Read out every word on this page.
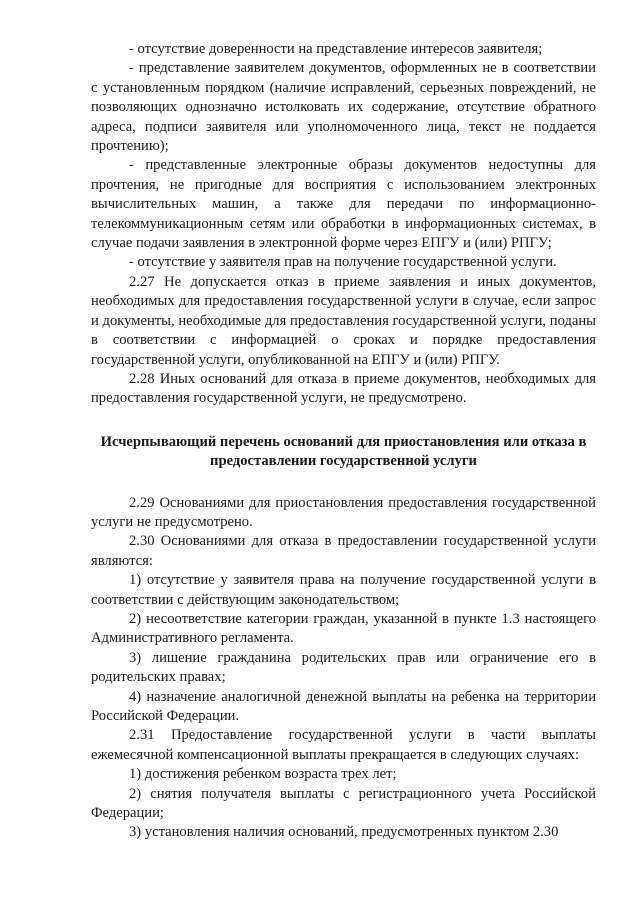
- отсутствие доверенности на представление интересов заявителя;

- представление заявителем документов, оформленных не в соответствии с установленным порядком (наличие исправлений, серьезных повреждений, не позволяющих однозначно истолковать их содержание, отсутствие обратного адреса, подписи заявителя или уполномоченного лица, текст не поддается прочтению);

- представленные электронные образы документов недоступны для прочтения, не пригодные для восприятия с использованием электронных вычислительных машин, а также для передачи по информационно-телекоммуникационным сетям или обработки в информационных системах, в случае подачи заявления в электронной форме через ЕПГУ и (или) РПГУ;

- отсутствие у заявителя прав на получение государственной услуги.

2.27 Не допускается отказ в приеме заявления и иных документов, необходимых для предоставления государственной услуги в случае, если запрос и документы, необходимые для предоставления государственной услуги, поданы в соответствии с информацией о сроках и порядке предоставления государственной услуги, опубликованной на ЕПГУ и (или) РПГУ.

2.28 Иных оснований для отказа в приеме документов, необходимых для предоставления государственной услуги, не предусмотрено.

Исчерпывающий перечень оснований для приостановления или отказа в предоставлении государственной услуги

2.29 Основаниями для приостановления предоставления государственной услуги не предусмотрено.

2.30 Основаниями для отказа в предоставлении государственной услуги являются:

1) отсутствие у заявителя права на получение государственной услуги в соответствии с действующим законодательством;

2) несоответствие категории граждан, указанной в пункте 1.3 настоящего Административного регламента.

3) лишение гражданина родительских прав или ограничение его в родительских правах;

4) назначение аналогичной денежной выплаты на ребенка на территории Российской Федерации.

2.31 Предоставление государственной услуги в части выплаты ежемесячной компенсационной выплаты прекращается в следующих случаях:

1) достижения ребенком возраста трех лет;

2) снятия получателя выплаты с регистрационного учета Российской Федерации;

3) установления наличия оснований, предусмотренных пунктом 2.30
